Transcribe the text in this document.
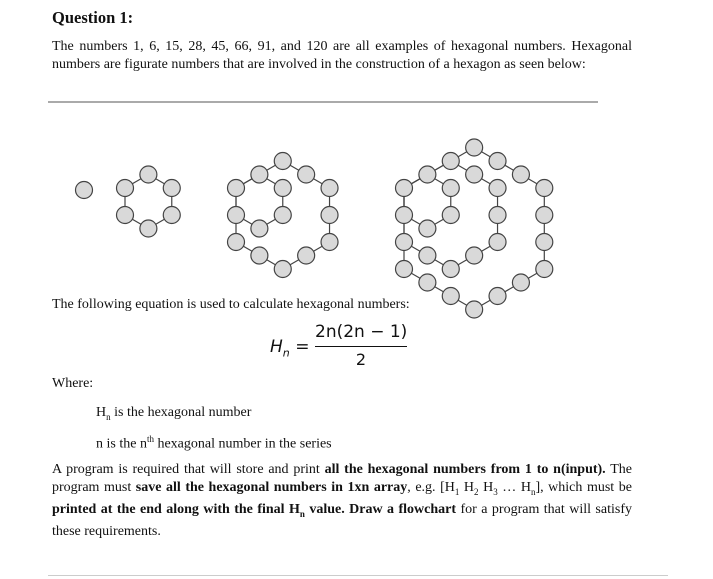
Question 1:
The numbers 1, 6, 15, 28, 45, 66, 91, and 120 are all examples of hexagonal numbers. Hexagonal numbers are figurate numbers that are involved in the construction of a hexagon as seen below:
The following equation is used to calculate hexagonal numbers:
$H_n$ =
2n(2n − 1)
2
Where:
$H_n$ is the hexagonal number
n is the $n^{th}$ hexagonal number in the series
A program is required that will store and print all the hexagonal numbers from 1 to n(input). The program must save all the hexagonal numbers in 1xn array, e.g. [$H_1$ $H_2$ $H_3$ … $H_n$], which must be printed at the end along with the final $H_n$ value. Draw a flowchart for a program that will satisfy these requirements.
